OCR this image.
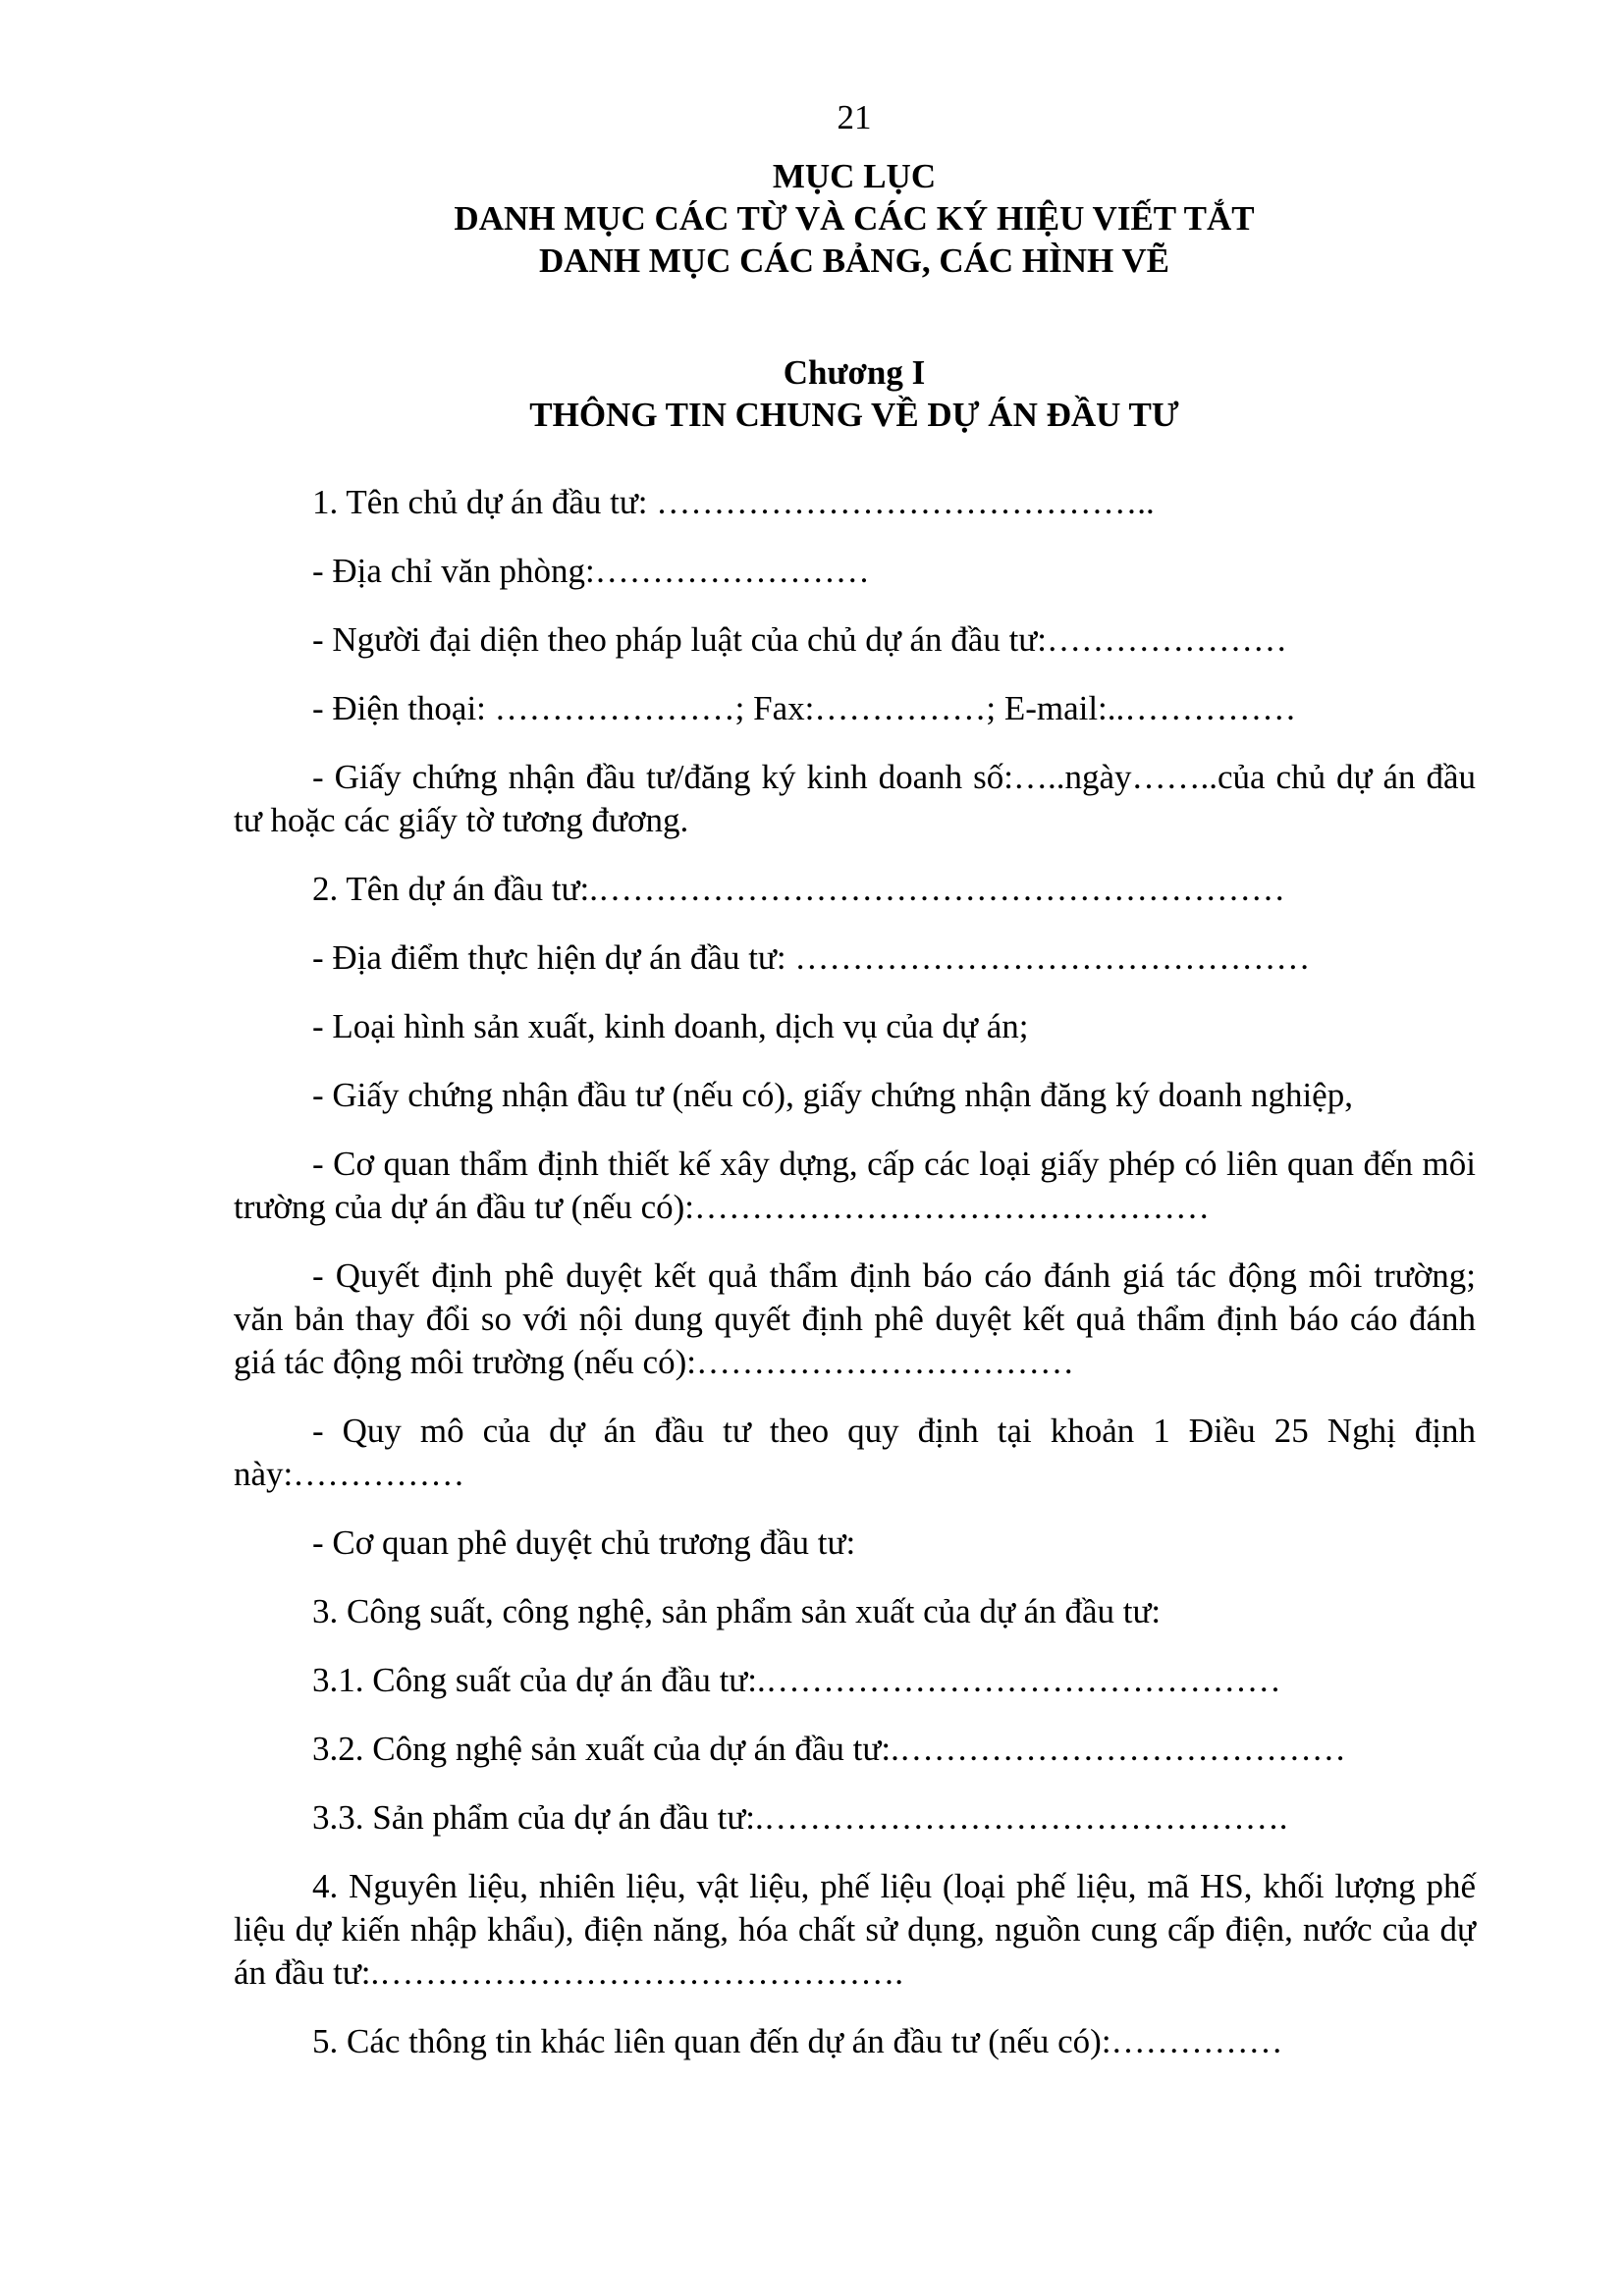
21
MỤC LỤC
DANH MỤC CÁC TỪ VÀ CÁC KÝ HIỆU VIẾT TẮT
DANH MỤC CÁC BẢNG, CÁC HÌNH VẼ
Chương I
THÔNG TIN CHUNG VỀ DỰ ÁN ĐẦU TƯ

1. Tên chủ dự án đầu tư: ……………………………………..

- Địa chỉ văn phòng:……………………

- Người đại diện theo pháp luật của chủ dự án đầu tư:…………………

- Điện thoại: …………………; Fax:……………; E-mail:..……………

- Giấy chứng nhận đầu tư/đăng ký kinh doanh số:…..ngày……..của chủ dự án đầu tư hoặc các giấy tờ tương đương.

2. Tên dự án đầu tư:.……………………………………………………

- Địa điểm thực hiện dự án đầu tư: ………………………………………

- Loại hình sản xuất, kinh doanh, dịch vụ của dự án;

- Giấy chứng nhận đầu tư (nếu có), giấy chứng nhận đăng ký doanh nghiệp,

- Cơ quan thẩm định thiết kế xây dựng, cấp các loại giấy phép có liên quan đến môi trường của dự án đầu tư (nếu có):………………………………………

- Quyết định phê duyệt kết quả thẩm định báo cáo đánh giá tác động môi trường; văn bản thay đổi so với nội dung quyết định phê duyệt kết quả thẩm định báo cáo đánh giá tác động môi trường (nếu có):……………………………

- Quy mô của dự án đầu tư theo quy định tại khoản 1 Điều 25 Nghị định này:……………

- Cơ quan phê duyệt chủ trương đầu tư:

3. Công suất, công nghệ, sản phẩm sản xuất của dự án đầu tư:

3.1. Công suất của dự án đầu tư:.………………………………………

3.2. Công nghệ sản xuất của dự án đầu tư:.…………………………………

3.3. Sản phẩm của dự án đầu tư:.……………………………………….

4. Nguyên liệu, nhiên liệu, vật liệu, phế liệu (loại phế liệu, mã HS, khối lượng phế liệu dự kiến nhập khẩu), điện năng, hóa chất sử dụng, nguồn cung cấp điện, nước của dự án đầu tư:.……………………………………….

5. Các thông tin khác liên quan đến dự án đầu tư (nếu có):……………
